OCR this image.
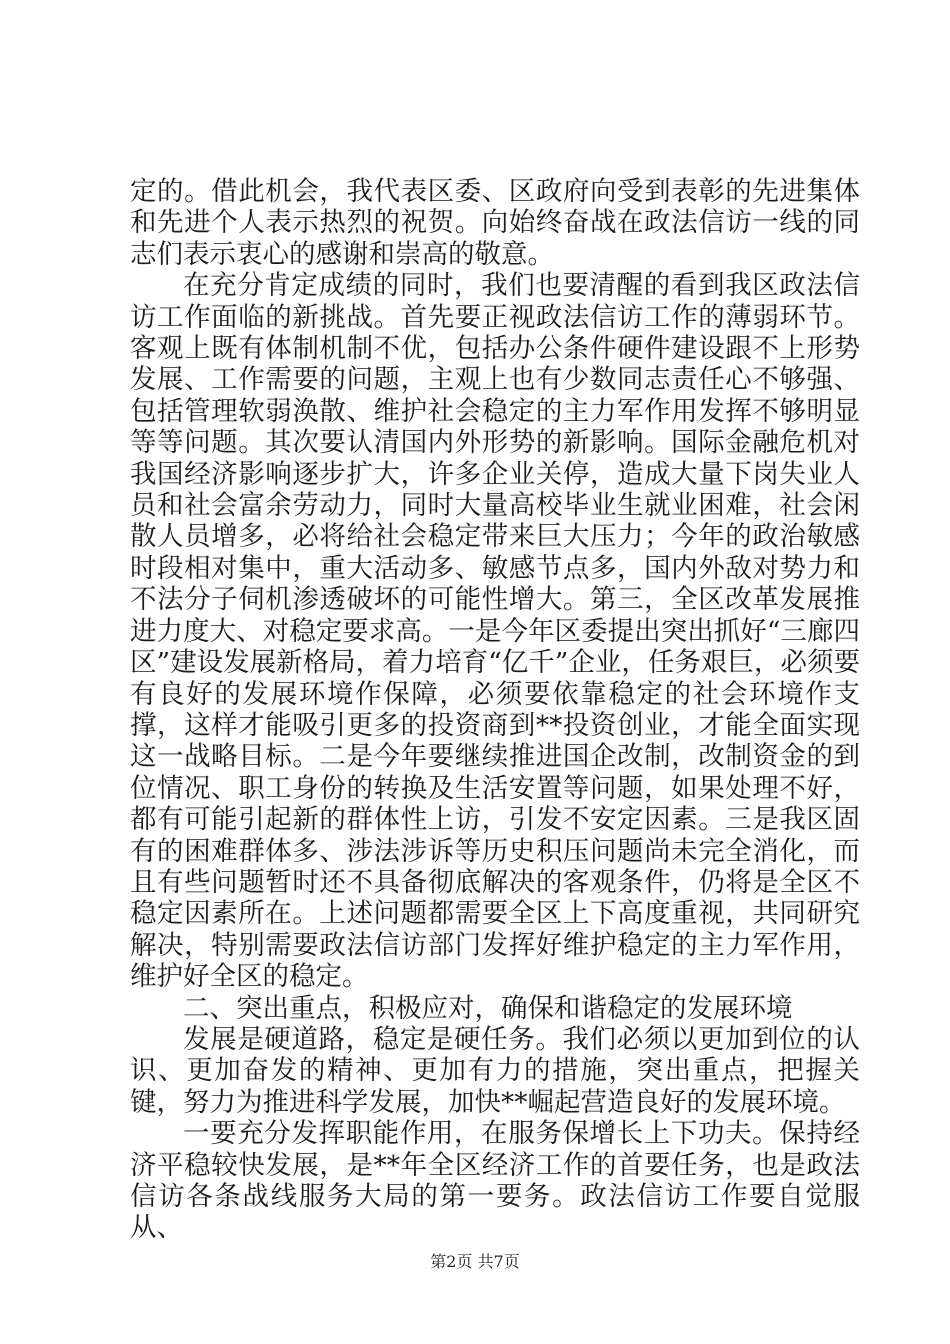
定的。借此机会，我代表区委、区政府向受到表彰的先进集体和先进个人表示热烈的祝贺。向始终奋战在政法信访一线的同志们表示衷心的感谢和崇高的敬意。

在充分肯定成绩的同时，我们也要清醒的看到我区政法信访工作面临的新挑战。首先要正视政法信访工作的薄弱环节。客观上既有体制机制不优，包括办公条件硬件建设跟不上形势发展、工作需要的问题，主观上也有少数同志责任心不够强、包括管理软弱涣散、维护社会稳定的主力军作用发挥不够明显等等问题。其次要认清国内外形势的新影响。国际金融危机对我国经济影响逐步扩大，许多企业关停，造成大量下岗失业人员和社会富余劳动力，同时大量高校毕业生就业困难，社会闲散人员增多，必将给社会稳定带来巨大压力；今年的政治敏感时段相对集中，重大活动多、敏感节点多，国内外敌对势力和不法分子伺机渗透破坏的可能性增大。第三，全区改革发展推进力度大、对稳定要求高。一是今年区委提出突出抓好“三廊四区”建设发展新格局，着力培育“亿千”企业，任务艰巨，必须要有良好的发展环境作保障，必须要依靠稳定的社会环境作支撑，这样才能吸引更多的投资商到**投资创业，才能全面实现这一战略目标。二是今年要继续推进国企改制，改制资金的到位情况、职工身份的转换及生活安置等问题，如果处理不好，都有可能引起新的群体性上访，引发不安定因素。三是我区固有的困难群体多、涉法涉诉等历史积压问题尚未完全消化，而且有些问题暂时还不具备彻底解决的客观条件，仍将是全区不稳定因素所在。上述问题都需要全区上下高度重视，共同研究解决，特别需要政法信访部门发挥好维护稳定的主力军作用，维护好全区的稳定。

二、突出重点，积极应对，确保和谐稳定的发展环境

发展是硬道路，稳定是硬任务。我们必须以更加到位的认识、更加奋发的精神、更加有力的措施，突出重点，把握关键，努力为推进科学发展，加快**崛起营造良好的发展环境。

一要充分发挥职能作用，在服务保增长上下功夫。保持经济平稳较快发展，是**年全区经济工作的首要任务，也是政法信访各条战线服务大局的第一要务。政法信访工作要自觉服从、

第2页 共7页
